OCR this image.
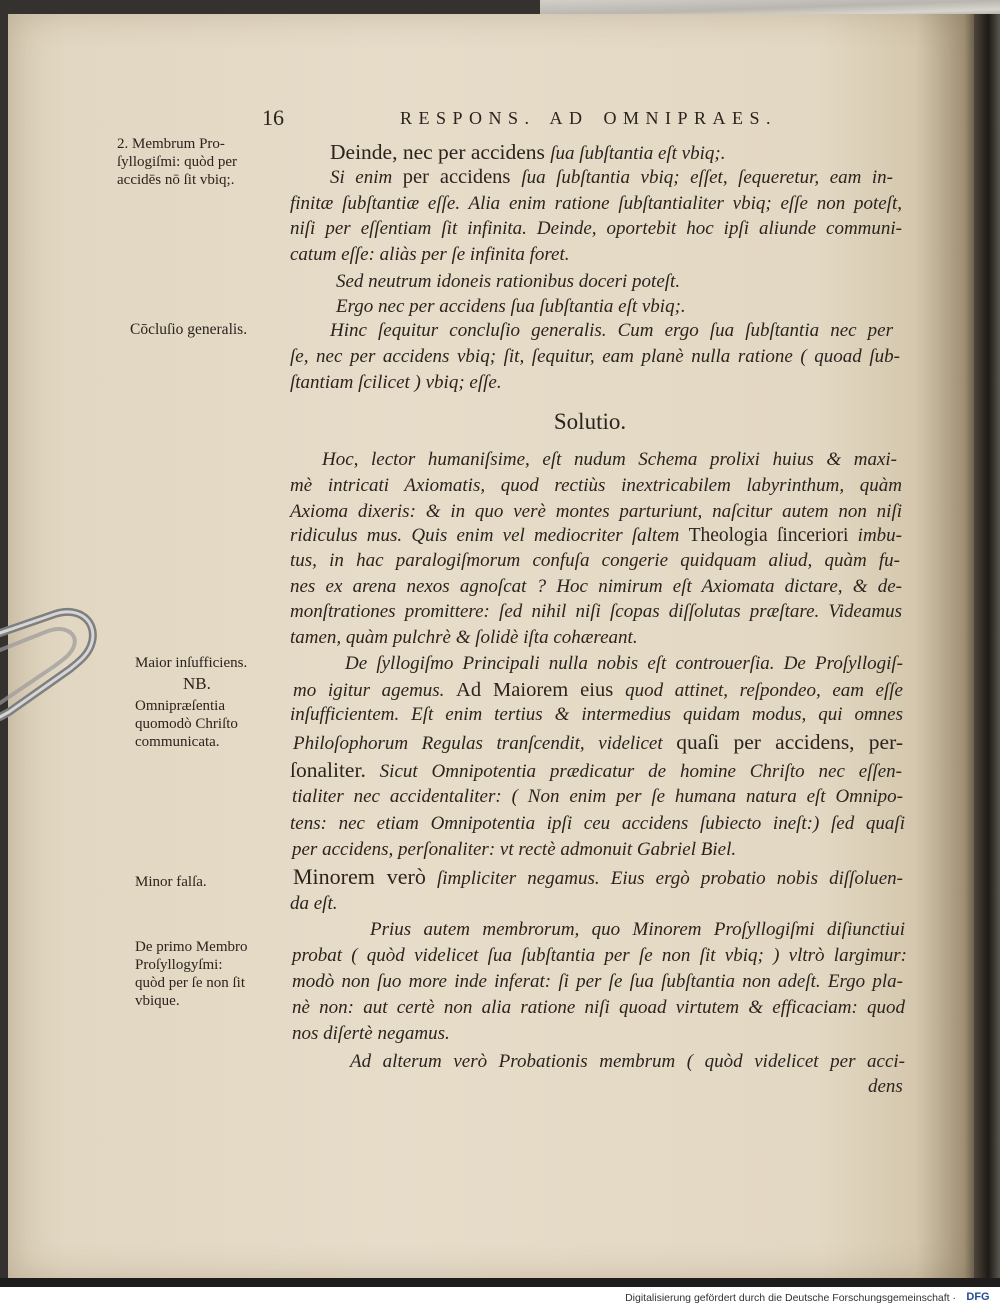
16	RESPONS. AD OMNIPRAES.
2. Membrum Pro-
ſyllogiſmi: quòd per
accidēs nō ſit vbiq;.
Cōcluſio generalis.
Maior inſufficiens.
NB.
Omnipræſentia
quomodò Chriſto
communicata.
Minor falſa.
De primo Membro
Proſyllogyſmi:
quòd per ſe non ſit
vbique.
Deinde, nec per accidens ſua ſubſtantia eſt vbiq;.
Si enim per accidens ſua ſubſtantia vbiq; eſſet, ſequeretur, eam in-
finitæ ſubſtantiæ eſſe. Alia enim ratione ſubſtantialiter vbiq; eſſe non poteſt,
niſi per eſſentiam ſit infinita. Deinde, oportebit hoc ipſi aliunde communi-
catum eſſe: aliàs per ſe infinita foret.
Sed neutrum idoneis rationibus doceri poteſt.
Ergo nec per accidens ſua ſubſtantia eſt vbiq;.
Hinc ſequitur concluſio generalis. Cum ergo ſua ſubſtantia nec per
ſe, nec per accidens vbiq; ſit, ſequitur, eam planè nulla ratione ( quoad ſub-
ſtantiam ſcilicet ) vbiq; eſſe.
Solutio.
Hoc, lector humaniſsime, eſt nudum Schema prolixi huius & maxi-
mè intricati Axiomatis, quod rectiùs inextricabilem labyrinthum, quàm
Axioma dixeris: & in quo verè montes parturiunt, naſcitur autem non niſi
ridiculus mus. Quis enim vel mediocriter ſaltem Theologia ſinceriori imbu-
tus, in hac paralogiſmorum confuſa congerie quidquam aliud, quàm fu-
nes ex arena nexos agnoſcat ? Hoc nimirum eſt Axiomata dictare, & de-
monſtrationes promittere: ſed nihil niſi ſcopas diſſolutas præſtare. Videamus
tamen, quàm pulchrè & ſolidè iſta cohæreant.
De ſyllogiſmo Principali nulla nobis eſt controuerſia. De Proſyllogiſ-
mo igitur agemus. Ad Maiorem eius quod attinet, reſpondeo, eam eſſe
inſufficientem. Eſt enim tertius & intermedius quidam modus, qui omnes
Philoſophorum Regulas tranſcendit, videlicet quaſi per accidens, per-
ſonaliter. Sicut Omnipotentia prædicatur de homine Chriſto nec eſſen-
tialiter nec accidentaliter: ( Non enim per ſe humana natura eſt Omnipo-
tens: nec etiam Omnipotentia ipſi ceu accidens ſubiecto ineſt:) ſed quaſi
per accidens, perſonaliter: vt rectè admonuit Gabriel Biel.
Minorem verò ſimpliciter negamus. Eius ergò probatio nobis diſſoluen-
da eſt.
Prius autem membrorum, quo Minorem Proſyllogiſmi diſiunctiui
probat ( quòd videlicet ſua ſubſtantia per ſe non ſit vbiq; ) vltrò largimur:
modò non ſuo more inde inferat: ſi per ſe ſua ſubſtantia non adeſt. Ergo pla-
nè non: aut certè non alia ratione niſi quoad virtutem & efficaciam: quod
nos diſertè negamus.
Ad alterum verò Probationis membrum ( quòd videlicet per acci-
dens
Digitalisierung gefördert durch die Deutsche Forschungsgemeinschaft · DFG
